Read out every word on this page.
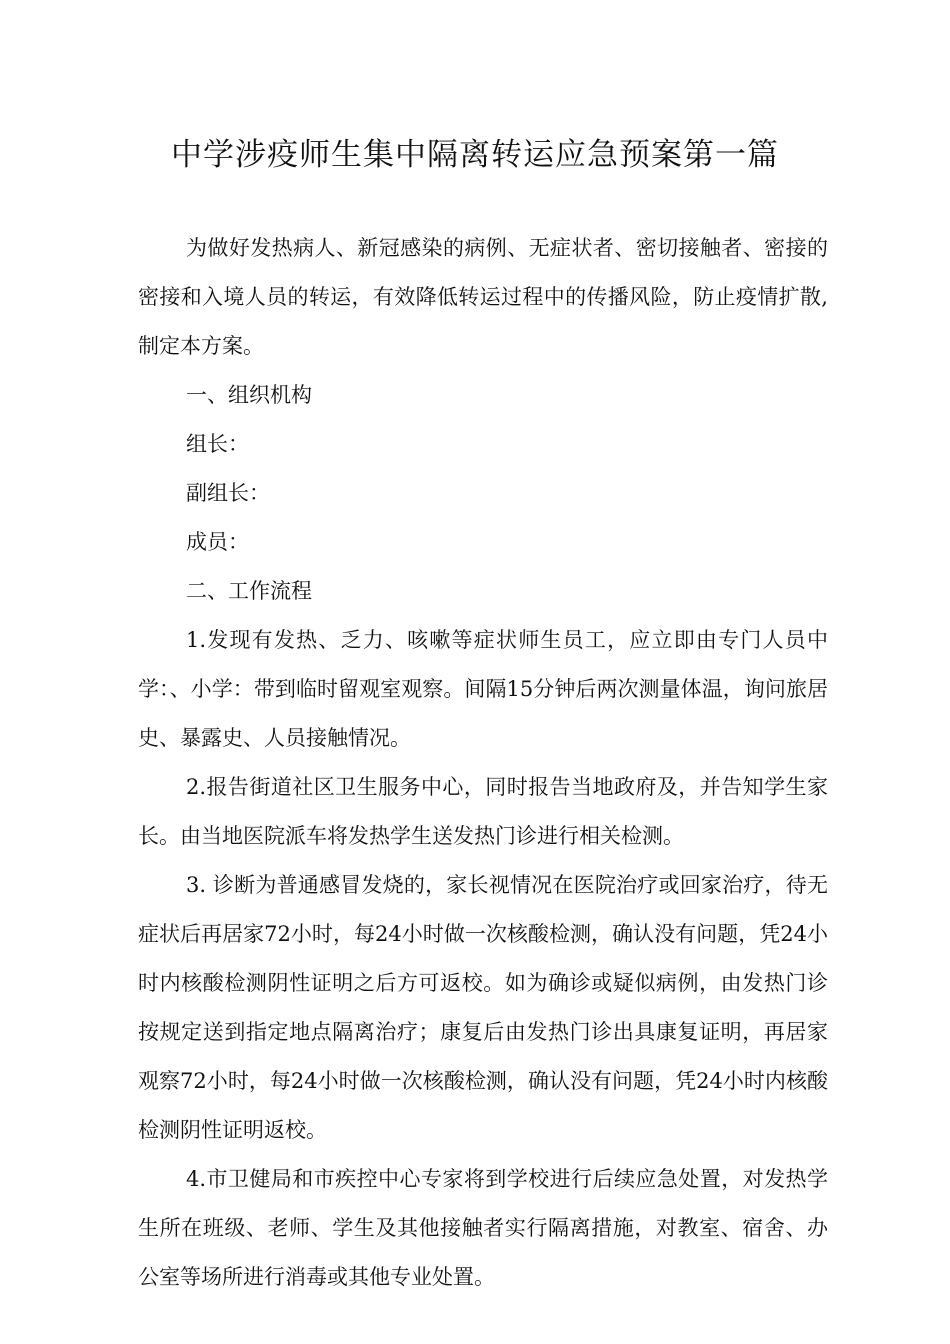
中学涉疫师生集中隔离转运应急预案第一篇

为做好发热病人、新冠感染的病例、无症状者、密切接触者、密接的密接和入境人员的转运，有效降低转运过程中的传播风险，防止疫情扩散,制定本方案。

一、组织机构

组长：

副组长：

成员：

二、工作流程

1.发现有发热、乏力、咳嗽等症状师生员工，应立即由专门人员中学：、小学：带到临时留观室观察。间隔15分钟后两次测量体温，询问旅居史、暴露史、人员接触情况。

2.报告街道社区卫生服务中心，同时报告当地政府及，并告知学生家长。由当地医院派车将发热学生送发热门诊进行相关检测。

3. 诊断为普通感冒发烧的，家长视情况在医院治疗或回家治疗，待无症状后再居家72小时，每24小时做一次核酸检测，确认没有问题，凭24小时内核酸检测阴性证明之后方可返校。如为确诊或疑似病例，由发热门诊按规定送到指定地点隔离治疗；康复后由发热门诊出具康复证明，再居家观察72小时，每24小时做一次核酸检测，确认没有问题，凭24小时内核酸检测阴性证明返校。

4.市卫健局和市疾控中心专家将到学校进行后续应急处置，对发热学生所在班级、老师、学生及其他接触者实行隔离措施，对教室、宿舍、办公室等场所进行消毒或其他专业处置。
